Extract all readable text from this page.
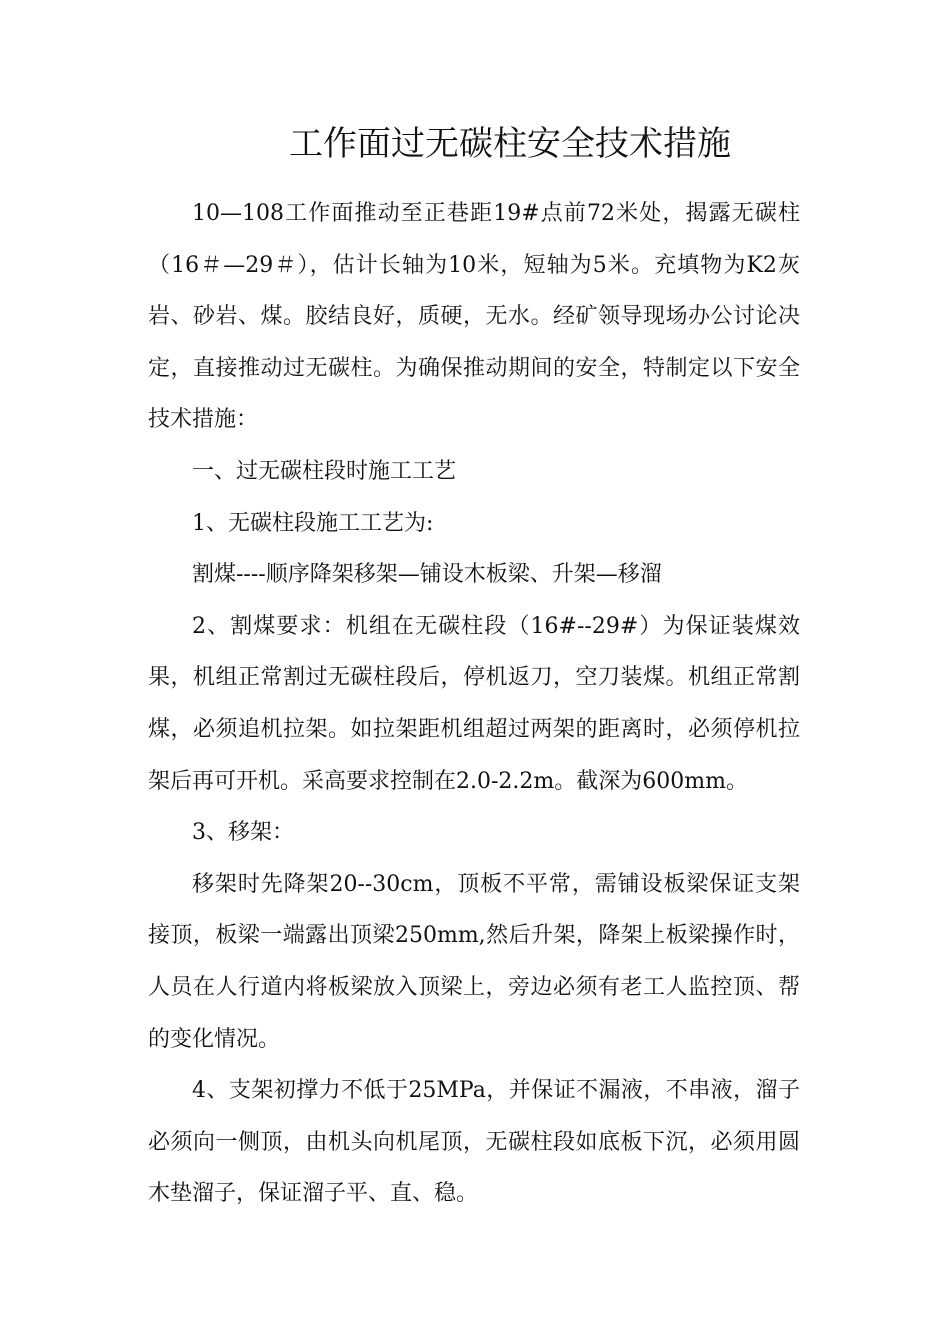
工作面过无碳柱安全技术措施

10—108工作面推动至正巷距19#点前72米处，揭露无碳柱（16＃—29＃），估计长轴为10米，短轴为5米。充填物为K2灰岩、砂岩、煤。胶结良好，质硬，无水。经矿领导现场办公讨论决定，直接推动过无碳柱。为确保推动期间的安全，特制定以下安全技术措施：

一、过无碳柱段时施工工艺

1、无碳柱段施工工艺为:

割煤----顺序降架移架—铺设木板梁、升架—移溜

2、割煤要求：机组在无碳柱段（16#--29#）为保证装煤效果，机组正常割过无碳柱段后，停机返刀，空刀装煤。机组正常割煤，必须追机拉架。如拉架距机组超过两架的距离时，必须停机拉架后再可开机。采高要求控制在2.0-2.2m。截深为600mm。

3、移架：

移架时先降架20--30cm，顶板不平常，需铺设板梁保证支架接顶，板梁一端露出顶梁250mm,然后升架，降架上板梁操作时，人员在人行道内将板梁放入顶梁上，旁边必须有老工人监控顶、帮的变化情况。

4、支架初撑力不低于25MPa，并保证不漏液，不串液，溜子必须向一侧顶，由机头向机尾顶，无碳柱段如底板下沉，必须用圆木垫溜子，保证溜子平、直、稳。
